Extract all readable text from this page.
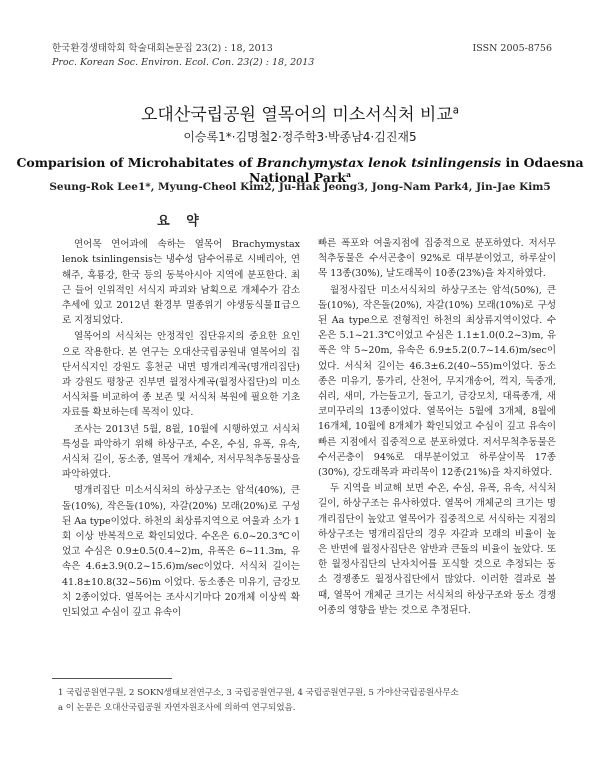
한국환경생태학회 학술대회논문집 23(2) : 18, 2013
Proc. Korean Soc. Environ. Ecol. Con. 23(2) : 18, 2013
ISSN 2005-8756
오대산국립공원 열목어의 미소서식처 비교$^a$
이승록1*·김명철2·정주학3·박종남4·김진재5
Comparision of Microhabitates of Branchymystax lenok tsinlingensis in Odaesna National Park$^a$
Seung-Rok Lee1*, Myung-Cheol Kim2, Ju-Hak Jeong3, Jong-Nam Park4, Jin-Jae Kim5
요 약

연어목 연어과에 속하는 열목어 Brachymystax lenok tsinlingensis는 냉수성 담수어류로 시베리아, 연해주, 흑룡강, 한국 등의 동북아시아 지역에 분포한다. 최근 들어 인위적인 서식지 파괴와 남획으로 개체수가 감소 추세에 있고 2012년 환경부 멸종위기 야생동식물Ⅱ급으로 지정되었다.

열목어의 서식처는 안정적인 집단유지의 중요한 요인으로 작용한다. 본 연구는 오대산국립공원내 열목어의 집단서식지인 강원도 홍천군 내면 명개리계곡(명개리집단)과 강원도 평창군 진부면 월정사계곡(월정사집단)의 미소서식처를 비교하여 종 보존 및 서식처 복원에 필요한 기초자료를 확보하는데 목적이 있다.

조사는 2013년 5월, 8월, 10월에 시행하였고 서식처 특성을 파악하기 위해 하상구조, 수온, 수심, 유폭, 유속, 서식처 길이, 동소종, 열목어 개체수, 저서무척추동물상을 파악하였다.

명개리집단 미소서식처의 하상구조는 암석(40%), 큰돌(10%), 작은돌(10%), 자갈(20%) 모래(20%)로 구성된 Aa type이었다. 하천의 최상류지역으로 여울과 소가 1회 이상 반복적으로 확인되었다. 수온은 6.0~20.3℃이었고 수심은 0.9±0.5(0.4~2)m, 유폭은 6~11.3m, 유속은 4.6±3.9(0.2~15.6)m/sec이었다. 서식처 길이는 41.8±10.8(32~56)m 이었다. 동소종은 미유기, 금강모치 2종이었다. 열목어는 조사시기마다 20개체 이상씩 확인되었고 수심이 깊고 유속이

빠른 폭포와 여울지점에 집중적으로 분포하였다. 저서무척추동물은 수서곤충이 92%로 대부분이었고, 하루살이목 13종(30%), 날도래목이 10종(23%)을 차지하였다.

월정사집단 미소서식처의 하상구조는 암석(50%), 큰돌(10%), 작은돌(20%), 자갈(10%) 모래(10%)로 구성된 Aa type으로 전형적인 하천의 최상류지역이었다. 수온은 5.1~21.3℃이었고 수심은 1.1±1.0(0.2~3)m, 유폭은 약 5~20m, 유속은 6.9±5.2(0.7~14.6)m/sec이었다. 서식처 길이는 46.3±6.2(40~55)m이었다. 동소종은 미유기, 퉁가리, 산천어, 무지개송어, 꺽지, 둑중개, 쉬리, 새미, 가는돌고기, 돌고기, 금강모치, 대륙종개, 새코미꾸리의 13종이었다. 열목어는 5월에 3개체, 8월에 16개체, 10월에 8개체가 확인되었고 수심이 깊고 유속이 빠른 지점에서 집중적으로 분포하였다. 저서무척추동물은 수서곤충이 94%로 대부분이었고 하루살이목 17종(30%), 강도래목과 파리목이 12종(21%)을 차지하였다.

두 지역을 비교해 보면 수온, 수심, 유폭, 유속, 서식처 길이, 하상구조는 유사하였다. 열목어 개체군의 크기는 명개리집단이 높았고 열목어가 집중적으로 서식하는 지점의 하상구조는 명개리집단의 경우 자갈과 모래의 비율이 높은 반면에 월정사집단은 암반과 큰돌의 비율이 높았다. 또한 월정사집단의 난자치어를 포식할 것으로 추정되는 동소 경쟁종도 월정사집단에서 많았다. 이러한 결과로 볼 때, 열목어 개체군 크기는 서식처의 하상구조와 동소 경쟁어종의 영향을 받는 것으로 추정된다.

1 국립공원연구원, 2 SOKN생태보전연구소, 3 국립공원연구원, 4 국립공원연구원, 5 가야산국립공원사무소
a 이 논문은 오대산국립공원 자연자원조사에 의하여 연구되었음.
